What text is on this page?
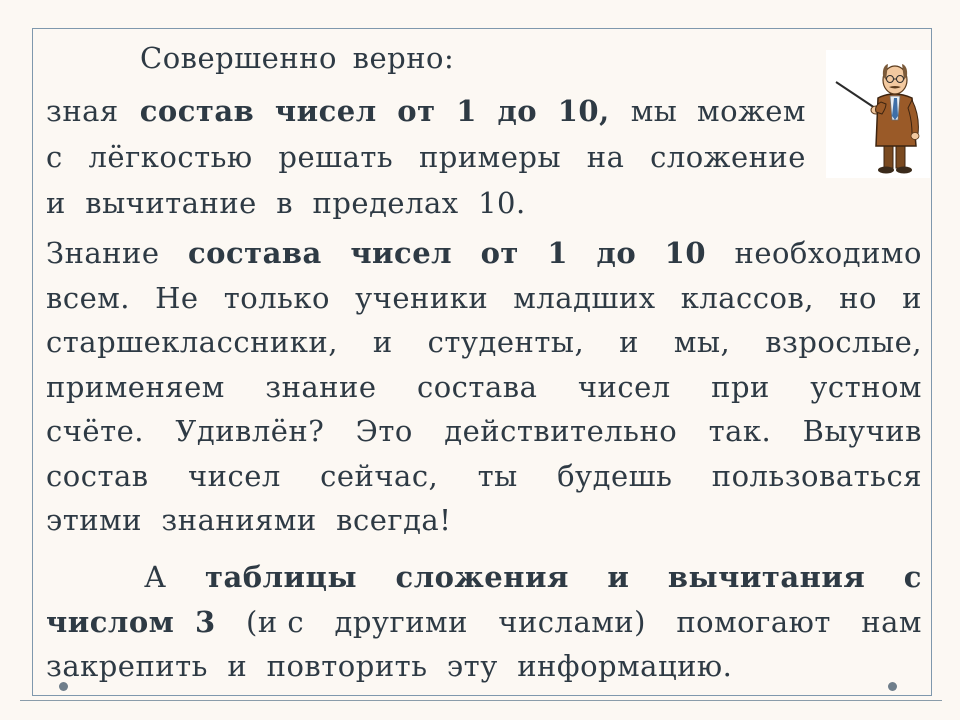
Совершенно верно:
зная состав чисел от 1 до 10, мы можем
с лёгкостью решать примеры на сложение
и  вычитание  в  пределах  10.
Знание состава чисел от 1 до 10 необходимо
всем. Не только ученики младших классов, но и
старшеклассники, и студенты, и мы, взрослые,
применяем знание состава чисел при устном
счёте. Удивлён? Это действительно так. Выучив
состав чисел сейчас, ты будешь пользоваться
этими  знаниями  всегда!
А таблицы сложения и вычитания с
числом 3 (и с другими числами) помогают нам
закрепить  и  повторить  эту  информацию.
